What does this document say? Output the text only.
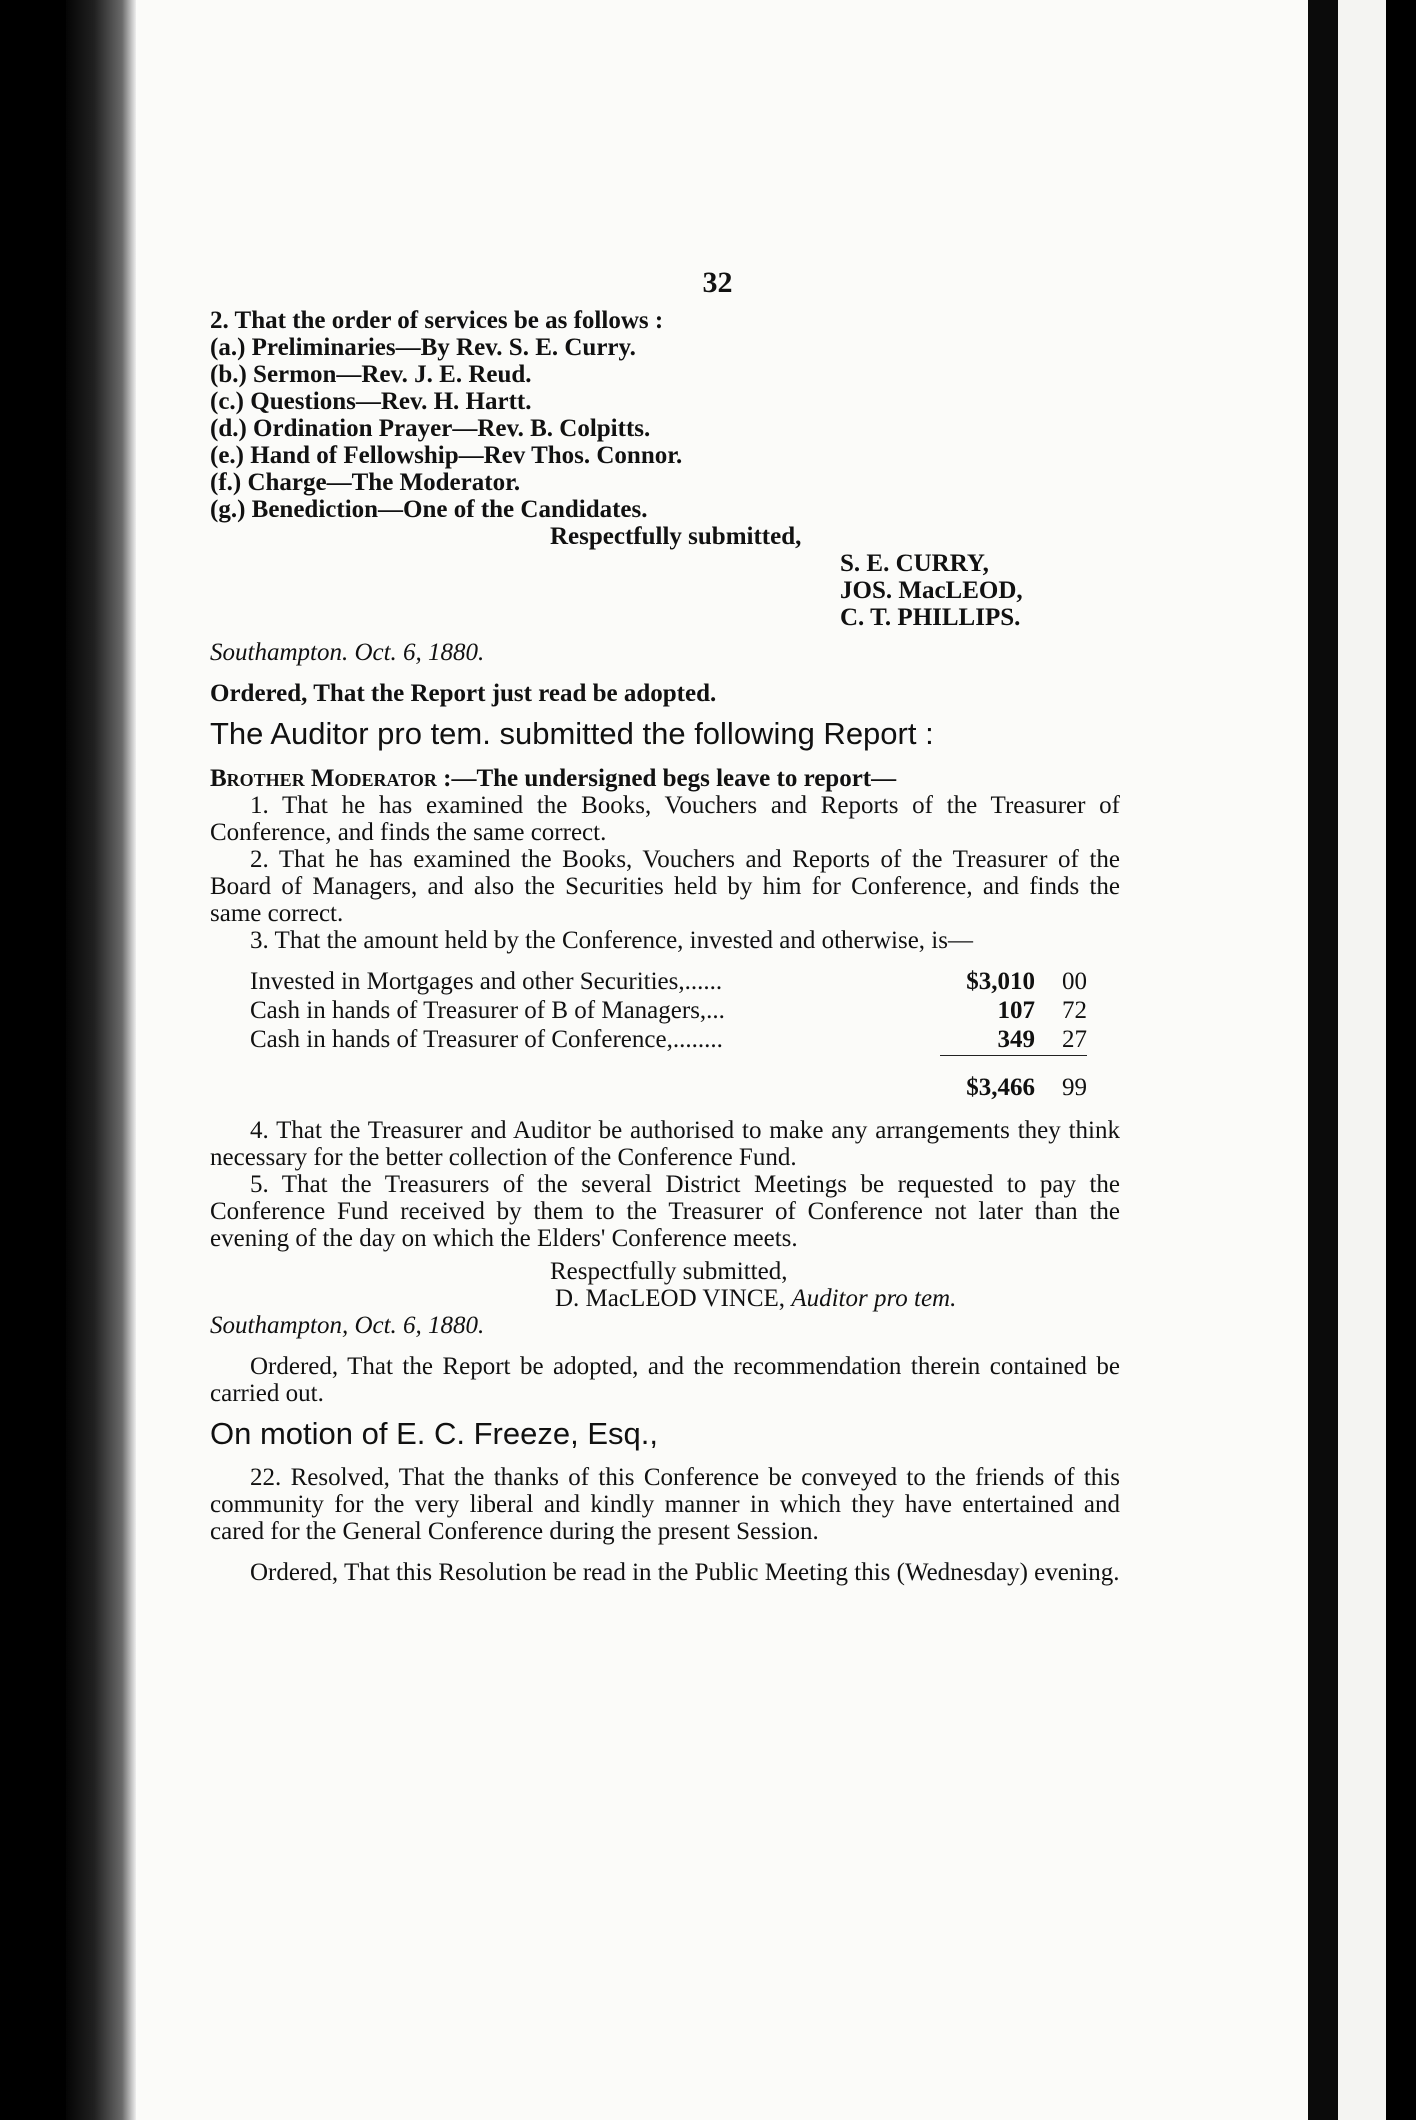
32

2. That the order of services be as follows :

(a.) Preliminaries—By Rev. S. E. Curry.

(b.) Sermon—Rev. J. E. Reud.

(c.) Questions—Rev. H. Hartt.

(d.) Ordination Prayer—Rev. B. Colpitts.

(e.) Hand of Fellowship—Rev Thos. Connor.

(f.) Charge—The Moderator.

(g.) Benediction—One of the Candidates.

Respectfully submitted,

S. E. CURRY,

JOS. MacLEOD,

C. T. PHILLIPS.

Southampton. Oct. 6, 1880.

Ordered, That the Report just read be adopted.

The Auditor pro tem. submitted the following Report :

Brother Moderator :—The undersigned begs leave to report—

1. That he has examined the Books, Vouchers and Reports of the Treasurer of Conference, and finds the same correct.

2. That he has examined the Books, Vouchers and Reports of the Treasurer of the Board of Managers, and also the Securities held by him for Conference, and finds the same correct.

3. That the amount held by the Conference, invested and otherwise, is—

Invested in Mortgages and other Securities,......	$3,010	00
Cash in hands of Treasurer of B of Managers,...	107	72
Cash in hands of Treasurer of Conference,........	349	27
	$3,466	99

4. That the Treasurer and Auditor be authorised to make any arrangements they think necessary for the better collection of the Conference Fund.

5. That the Treasurers of the several District Meetings be requested to pay the Conference Fund received by them to the Treasurer of Conference not later than the evening of the day on which the Elders' Conference meets.

Respectfully submitted,

D. MacLEOD VINCE, Auditor pro tem.

Southampton, Oct. 6, 1880.

Ordered, That the Report be adopted, and the recommendation therein contained be carried out.

On motion of E. C. Freeze, Esq.,

22. Resolved, That the thanks of this Conference be conveyed to the friends of this community for the very liberal and kindly manner in which they have entertained and cared for the General Conference during the present Session.

Ordered, That this Resolution be read in the Public Meeting this (Wednesday) evening.
